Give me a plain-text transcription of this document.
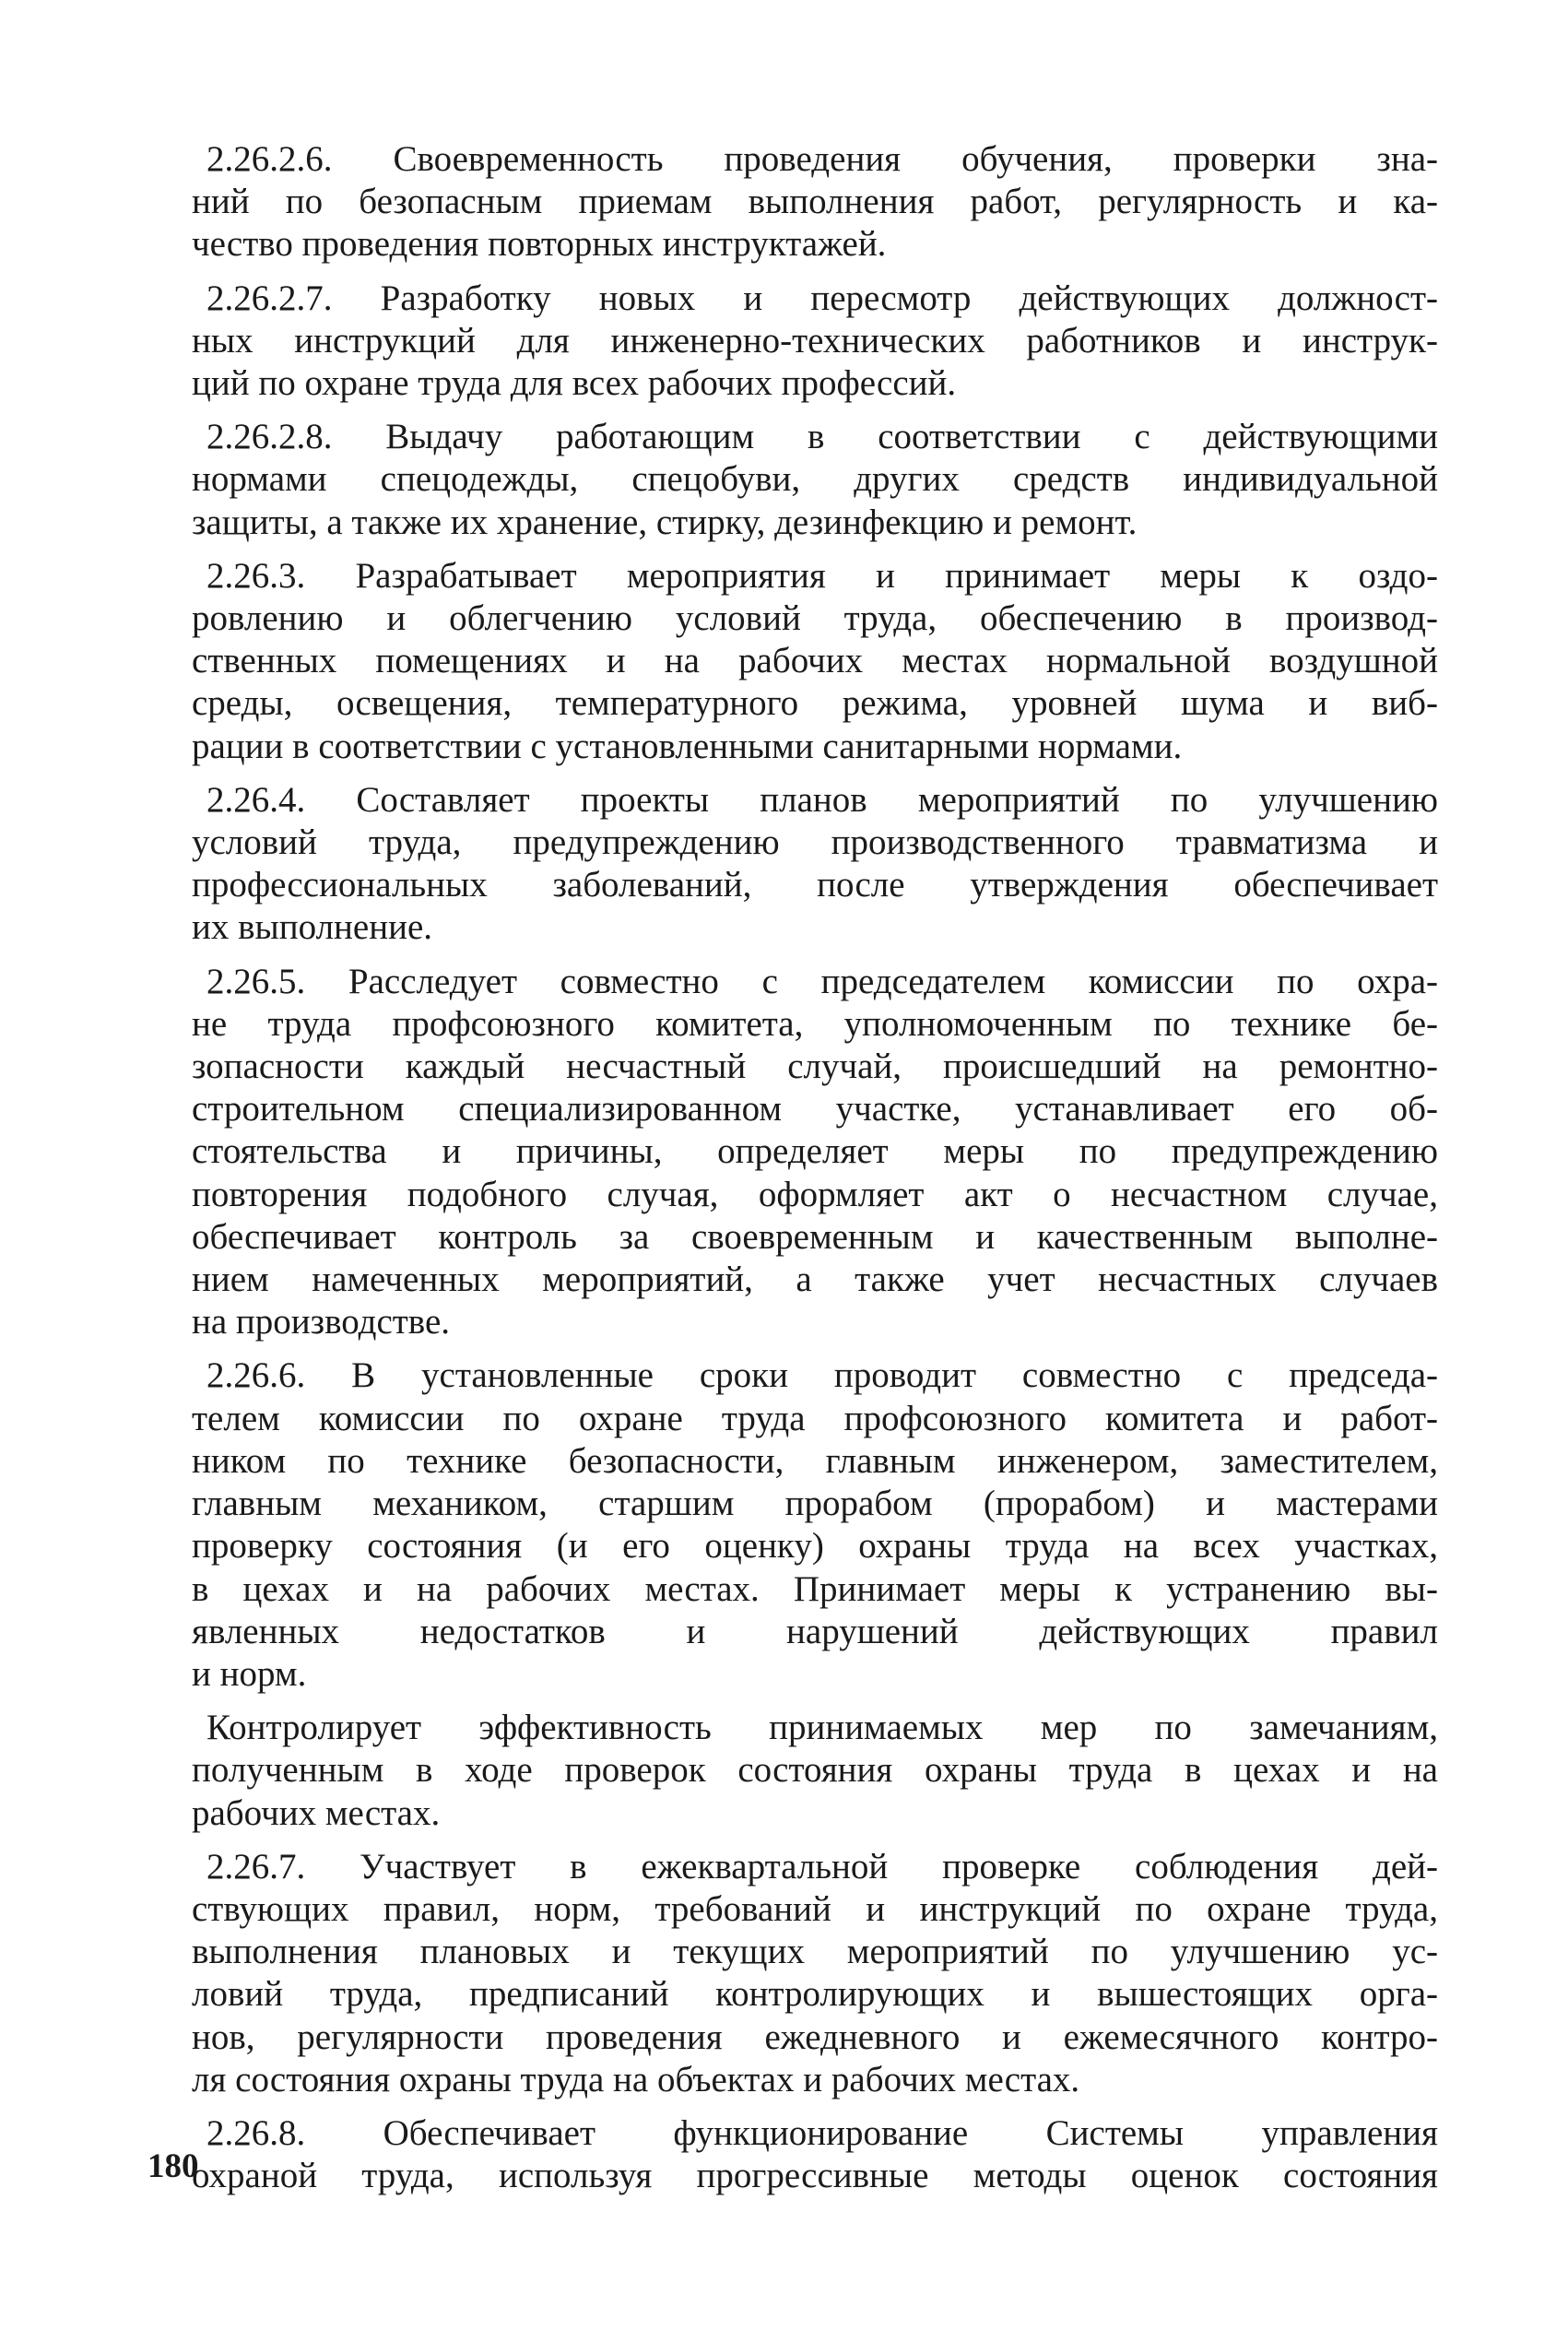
2.26.2.6. Своевременность проведения обучения, проверки зна-
ний по безопасным приемам выполнения работ, регулярность и ка-
чество проведения повторных инструктажей.
2.26.2.7. Разработку новых и пересмотр действующих должност-
ных инструкций для инженерно-технических работников и инструк-
ций по охране труда для всех рабочих профессий.
2.26.2.8. Выдачу работающим в соответствии с действующими
нормами спецодежды, спецобуви, других средств индивидуальной
защиты, а также их хранение, стирку, дезинфекцию и ремонт.
2.26.3. Разрабатывает мероприятия и принимает меры к оздо-
ровлению и облегчению условий труда, обеспечению в производ-
ственных помещениях и на рабочих местах нормальной воздушной
среды, освещения, температурного режима, уровней шума и виб-
рации в соответствии с установленными санитарными нормами.
2.26.4. Составляет проекты планов мероприятий по улучшению
условий труда, предупреждению производственного травматизма и
профессиональных заболеваний, после утверждения обеспечивает
их выполнение.
2.26.5. Расследует совместно с председателем комиссии по охра-
не труда профсоюзного комитета, уполномоченным по технике бе-
зопасности каждый несчастный случай, происшедший на ремонтно-
строительном специализированном участке, устанавливает его об-
стоятельства и причины, определяет меры по предупреждению
повторения подобного случая, оформляет акт о несчастном случае,
обеспечивает контроль за своевременным и качественным выполне-
нием намеченных мероприятий, а также учет несчастных случаев
на производстве.
2.26.6. В установленные сроки проводит совместно с председа-
телем комиссии по охране труда профсоюзного комитета и работ-
ником по технике безопасности, главным инженером, заместителем,
главным механиком, старшим прорабом (прорабом) и мастерами
проверку состояния (и его оценку) охраны труда на всех участках,
в цехах и на рабочих местах. Принимает меры к устранению вы-
явленных недостатков и нарушений действующих правил
и норм.
Контролирует эффективность принимаемых мер по замечаниям,
полученным в ходе проверок состояния охраны труда в цехах и на
рабочих местах.
2.26.7. Участвует в ежеквартальной проверке соблюдения дей-
ствующих правил, норм, требований и инструкций по охране труда,
выполнения плановых и текущих мероприятий по улучшению ус-
ловий труда, предписаний контролирующих и вышестоящих орга-
нов, регулярности проведения ежедневного и ежемесячного контро-
ля состояния охраны труда на объектах и рабочих местах.
2.26.8. Обеспечивает функционирование Системы управления
охраной труда, используя прогрессивные методы оценок состояния
180
